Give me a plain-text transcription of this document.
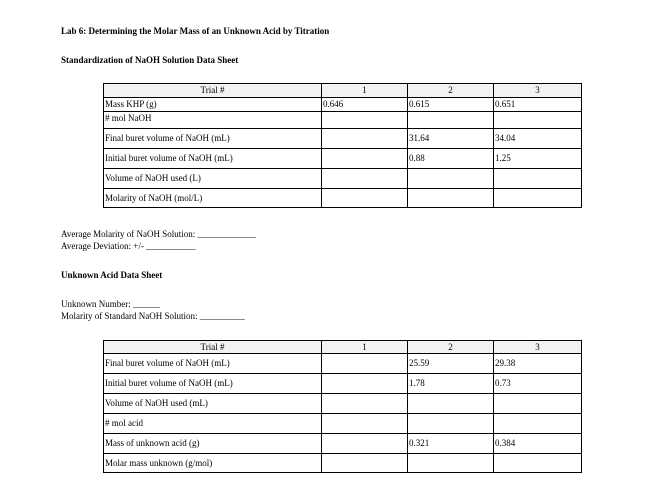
Lab 6: Determining the Molar Mass of an Unknown Acid by Titration
Standardization of NaOH Solution Data Sheet
Trial #	1	2	3
Mass KHP (g)	0.646	0.615	0.651
# mol NaOH			
Final buret volume of NaOH (mL)		31.64	34.04
Initial buret volume of NaOH (mL)		0.88	1.25
Volume of NaOH used (L)			
Molarity of NaOH (mol/L)			
Average Molarity of NaOH Solution: _____________
Average Deviation: +/- ___________
Unknown Acid Data Sheet
Unknown Number: ______
Molarity of Standard NaOH Solution: __________
Trial #	1	2	3
Final buret volume of NaOH (mL)		25.59	29.38
Initial buret volume of NaOH (mL)		1.78	0.73
Volume of NaOH used (mL)			
# mol acid			
Mass of unknown acid (g)		0.321	0.384
Molar mass unknown (g/mol)			
